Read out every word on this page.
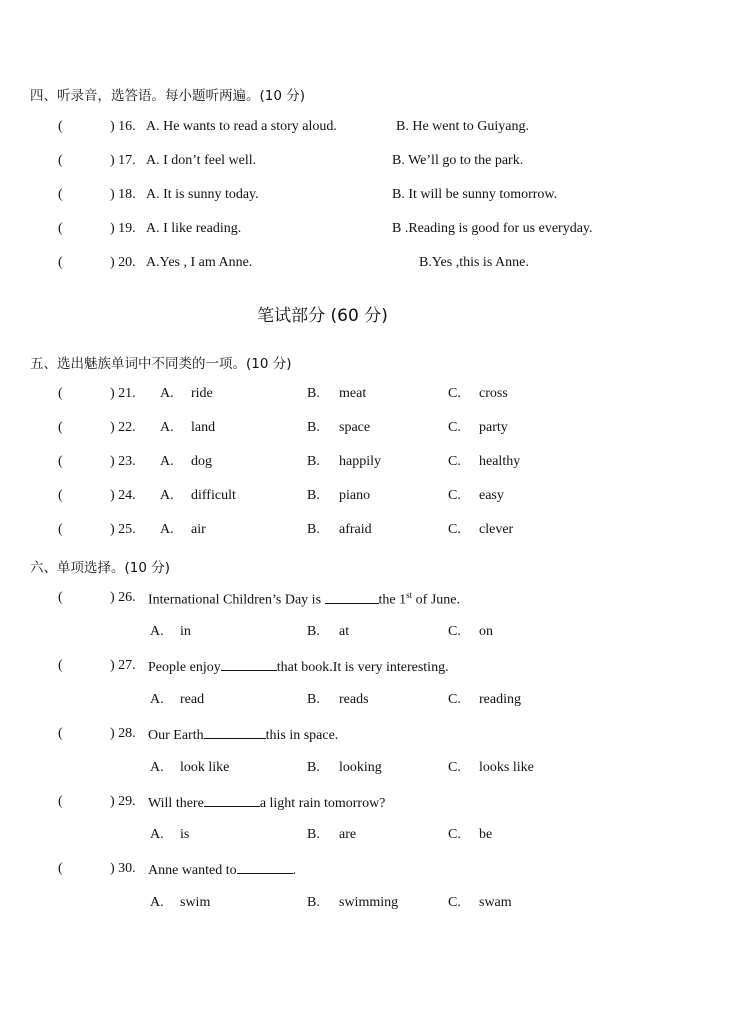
四、听录音，选答语。每小题听两遍。(10 分)
(	) 16. A. He wants to read a story aloud.	B. He went to Guiyang.
(	) 17. A. I don’t feel well.	B. We’ll go to the park.
(	) 18. A. It is sunny today.	B. It will be sunny tomorrow.
(	) 19. A. I like reading.	B .Reading is good for us everyday.
(	) 20. A.Yes , I am Anne.	B.Yes ,this is Anne.
笔试部分 (60 分)
五、选出魅族单词中不同类的一项。(10 分)
(	) 21. A. ride	B. meat	C. cross
(	) 22. A. land	B. space	C. party
(	) 23. A. dog	B. happily	C. healthy
(	) 24. A. difficult	B. piano	C. easy
(	) 25. A. air	B. afraid	C. clever
六、单项选择。(10 分)
(	) 26. International Children’s Day is	the 1st of June.
A. in	B. at	C. on
(	) 27. People enjoy	that book.It is very interesting.
A. read	B. reads	C. reading
(	) 28. Our Earth	this in space.
A. look like	B. looking	C. looks like
(	) 29. Will there	a light rain tomorrow?
A. is	B. are	C. be
(	) 30. Anne wanted to	.
A. swim	B. swimming	C. swam
